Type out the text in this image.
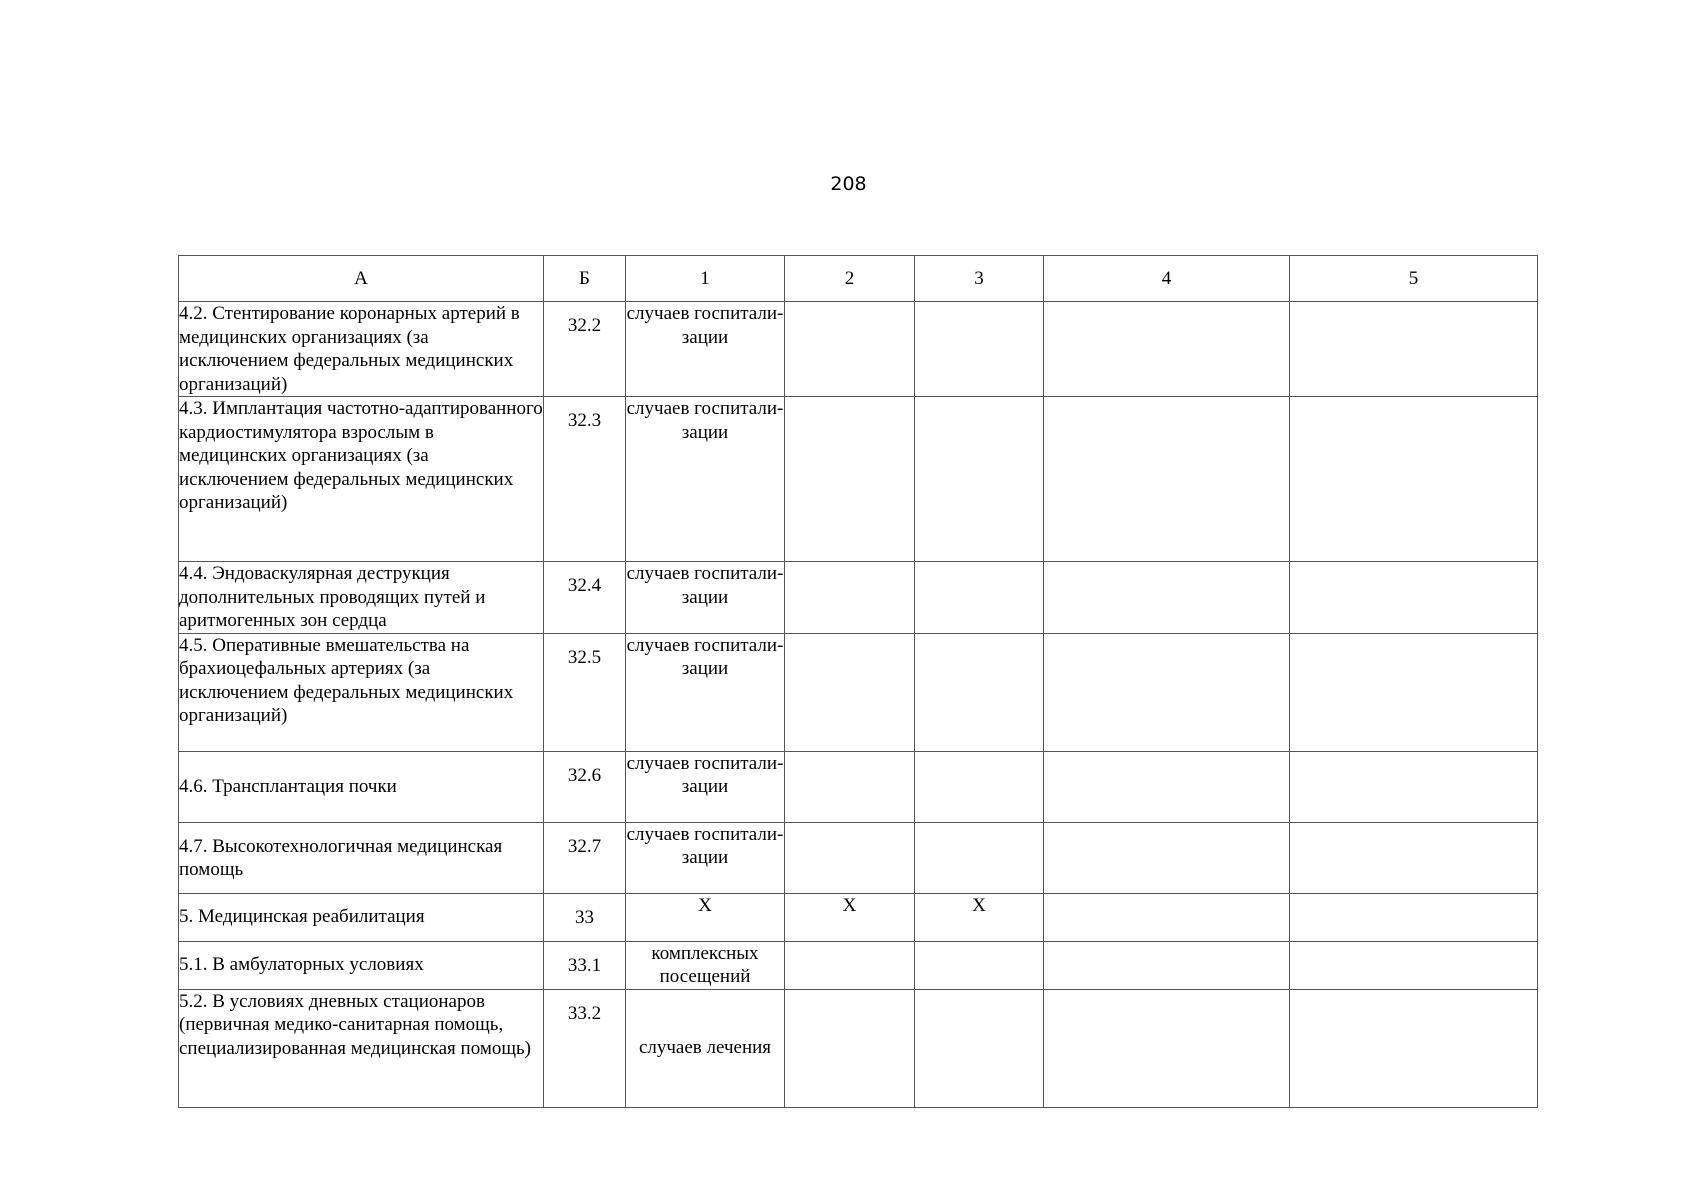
208
А	Б	1	2	3	4	5
4.2. Стентирование коронарных артерий в медицинских организациях (за исключением федеральных медицинских организаций)	32.2	случаев госпитали-зации				
4.3. Имплантация частотно-адаптированного кардиостимулятора взрослым в медицинских организациях (за исключением федеральных медицинских организаций)	32.3	случаев госпитали-зации				
4.4. Эндоваскулярная деструкция дополнительных проводящих путей и аритмогенных зон сердца	32.4	случаев госпитали-зации				
4.5. Оперативные вмешательства на брахиоцефальных артериях (за исключением федеральных медицинских организаций)	32.5	случаев госпитали-зации				
4.6. Трансплантация почки	32.6	случаев госпитали-зации				
4.7. Высокотехнологичная медицинская помощь	32.7	случаев госпитали-зации				
5. Медицинская реабилитация	33	Х	Х	Х		
5.1. В амбулаторных условиях	33.1	комплексных посещений				
5.2. В условиях дневных стационаров (первичная медико-санитарная помощь, специализированная медицинская помощь)	33.2	случаев лечения				
